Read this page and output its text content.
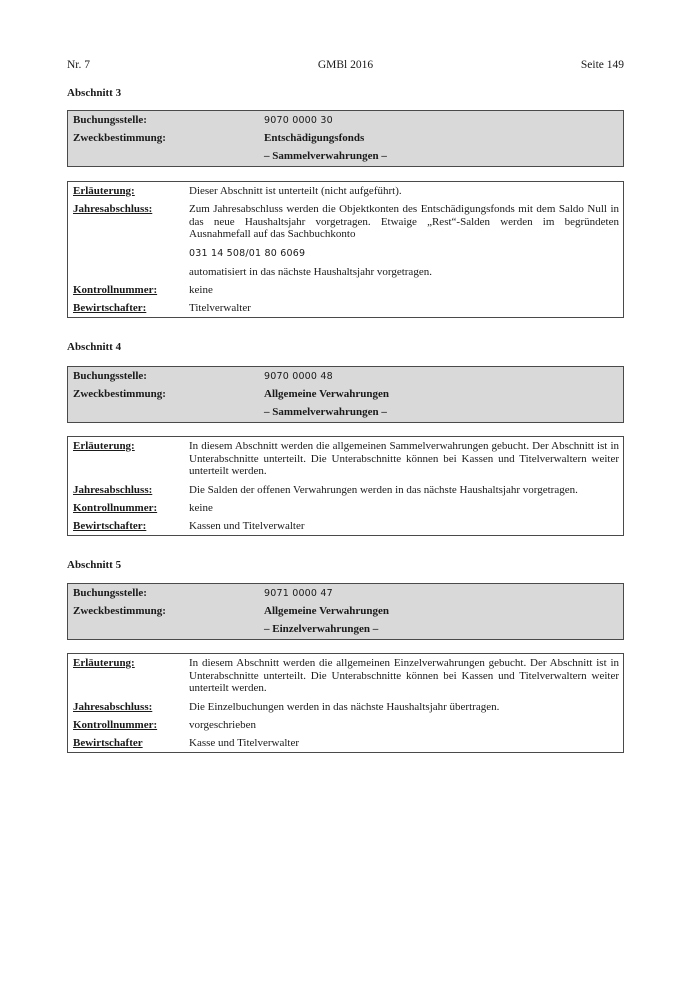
Nr. 7	GMBl 2016	Seite 149
Abschnitt 3
Buchungsstelle:	9070 0000 30
Zweckbestimmung:	Entschädigungsfonds
– Sammelverwahrungen –
Erläuterung:	Dieser Abschnitt ist unterteilt (nicht aufgeführt).
Jahresabschluss:	Zum Jahresabschluss werden die Objektkonten des Entschädigungsfonds mit dem Saldo Null in das neue Haushaltsjahr vorgetragen. Etwaige „Rest“-Salden werden im begründeten Ausnahmefall auf das Sachbuchkonto
031 14 508/01 80 6069
automatisiert in das nächste Haushaltsjahr vorgetragen.
Kontrollnummer:	keine
Bewirtschafter:	Titelverwalter
Abschnitt 4
Buchungsstelle:	9070 0000 48
Zweckbestimmung:	Allgemeine Verwahrungen
– Sammelverwahrungen –
Erläuterung:	In diesem Abschnitt werden die allgemeinen Sammelverwahrungen gebucht. Der Abschnitt ist in Unterabschnitte unterteilt. Die Unterabschnitte können bei Kassen und Titelverwaltern weiter unterteilt werden.
Jahresabschluss:	Die Salden der offenen Verwahrungen werden in das nächste Haushaltsjahr vorgetragen.
Kontrollnummer:	keine
Bewirtschafter:	Kassen und Titelverwalter
Abschnitt 5
Buchungsstelle:	9071 0000 47
Zweckbestimmung:	Allgemeine Verwahrungen
– Einzelverwahrungen –
Erläuterung:	In diesem Abschnitt werden die allgemeinen Einzelverwahrungen gebucht. Der Abschnitt ist in Unterabschnitte unterteilt. Die Unterabschnitte können bei Kassen und Titelverwaltern weiter unterteilt werden.
Jahresabschluss:	Die Einzelbuchungen werden in das nächste Haushaltsjahr übertragen.
Kontrollnummer:	vorgeschrieben
Bewirtschafter	Kasse und Titelverwalter
